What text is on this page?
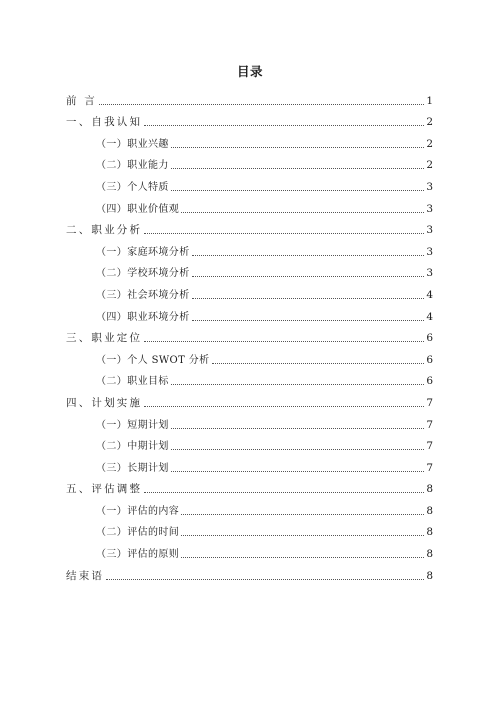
目录
前 言	1
一、自我认知	2
（一）职业兴趣	2
（二）职业能力	2
（三）个人特质	3
（四）职业价值观	3
二、职业分析	3
（一）家庭环境分析	3
（二）学校环境分析	3
（三）社会环境分析	4
（四）职业环境分析	4
三、职业定位	6
（一）个人 SWOT 分析	6
（二）职业目标	6
四、计划实施	7
（一）短期计划	7
（二）中期计划	7
（三）长期计划	7
五、评估调整	8
（一）评估的内容	8
（二）评估的时间	8
（三）评估的原则	8
结束语	8
